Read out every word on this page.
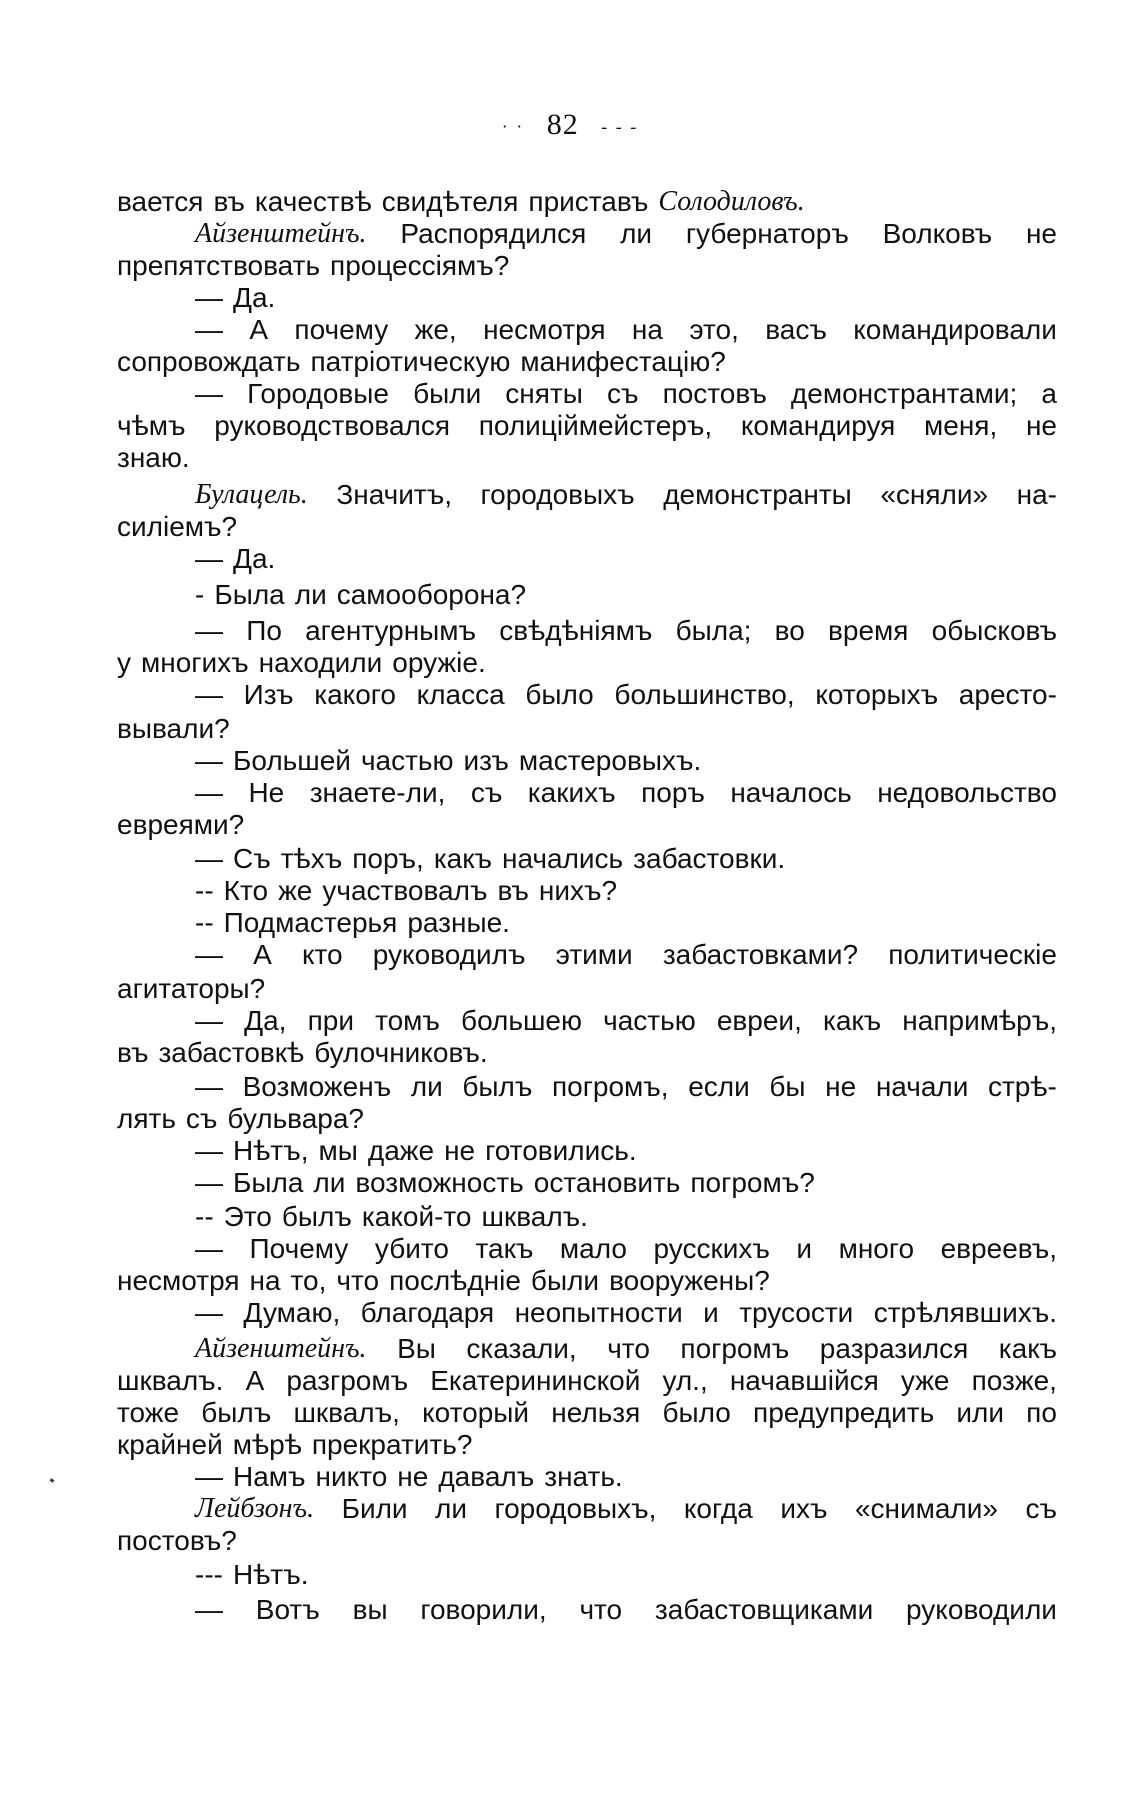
· · 82 - - -
вается въ качествѣ свидѣтеля приставъ Солодиловъ.
Айзенштейнъ. Распорядился ли губернаторъ Волковъ не
препятствовать процессіямъ?
— Да.
— А почему же, несмотря на это, васъ командировали
сопровождать патріотическую манифестацію?
— Городовые были сняты съ постовъ демонстрантами; а
чѣмъ руководствовался полиціймейстеръ, командируя меня, не
знаю.
Булацель. Значитъ, городовыхъ демонстранты «сняли» на-
силіемъ?
— Да.
- Была ли самооборона?
— По агентурнымъ свѣдѣніямъ была; во время обысковъ
у многихъ находили оружіе.
— Изъ какого класса было большинство, которыхъ аресто-
вывали?
— Большей частью изъ мастеровыхъ.
— Не знаете-ли, съ какихъ поръ началось недовольство
евреями?
— Съ тѣхъ поръ, какъ начались забастовки.
-- Кто же участвовалъ въ нихъ?
-- Подмастерья разные.
— А кто руководилъ этими забастовками? политическіе
агитаторы?
— Да, при томъ большею частью евреи, какъ напримѣръ,
въ забастовкѣ булочниковъ.
— Возможенъ ли былъ погромъ, если бы не начали стрѣ-
лять съ бульвара?
— Нѣтъ, мы даже не готовились.
— Была ли возможность остановить погромъ?
-- Это былъ какой-то шквалъ.
— Почему убито такъ мало русскихъ и много евреевъ,
несмотря на то, что послѣдніе были вооружены?
— Думаю, благодаря неопытности и трусости стрѣлявшихъ.
Айзенштейнъ. Вы сказали, что погромъ разразился какъ
шквалъ. А разгромъ Екатерининской ул., начавшійся уже позже,
тоже былъ шквалъ, который нельзя было предупредить или по
крайней мѣрѣ прекратить?
— Намъ никто не давалъ знать.
Лейбзонъ. Били ли городовыхъ, когда ихъ «снимали» съ
постовъ?
--- Нѣтъ.
— Вотъ вы говорили, что забастовщиками руководили
